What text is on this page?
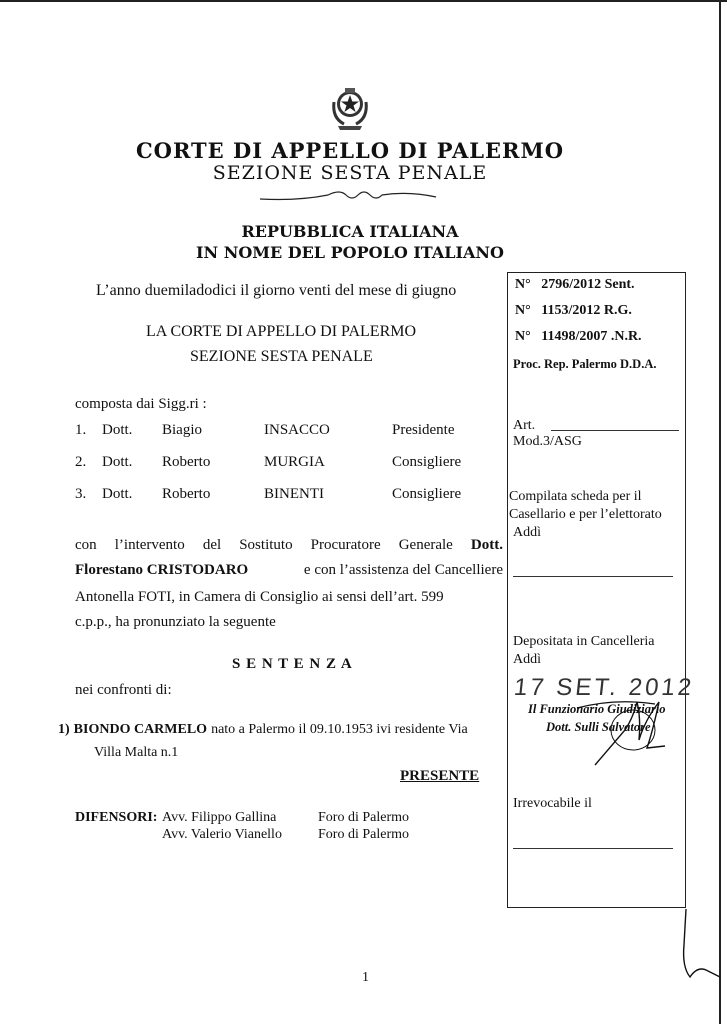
CORTE DI APPELLO DI PALERMO
SEZIONE SESTA PENALE
REPUBBLICA ITALIANA
IN NOME DEL POPOLO ITALIANO
L’anno duemiladodici il giorno venti del mese di giugno
LA CORTE DI APPELLO DI PALERMO
SEZIONE SESTA PENALE
composta dai Sigg.ri :
1. Dott. Biagio	INSACCO	Presidente
2. Dott. Roberto	MURGIA	Consigliere
3. Dott. Roberto	BINENTI	Consigliere
con l’intervento del Sostituto Procuratore Generale Dott.
Florestano CRISTODARO	e con l’assistenza del Cancelliere
Antonella FOTI, in Camera di Consiglio ai sensi dell’art. 599
c.p.p., ha pronunziato la seguente
S E N T E N Z A
nei confronti di:
1) BIONDO CARMELO nato a Palermo il 09.10.1953 ivi residente Via
Villa Malta n.1
PRESENTE
DIFENSORI: Avv. Filippo Gallina	Foro di Palermo
Avv. Valerio Vianello	Foro di Palermo
1
N° 2796/2012 Sent.
N° 1153/2012 R.G.
N° 11498/2007 .N.R.
Proc. Rep. Palermo D.D.A.
Art.
Mod.3/ASG
Compilata scheda per il
Casellario e per l’elettorato
Addì
Depositata in Cancelleria
Addì
17 SET. 2012
Il Funzionario Giudiziario
Dott. Sulli Salvatore
Irrevocabile il
